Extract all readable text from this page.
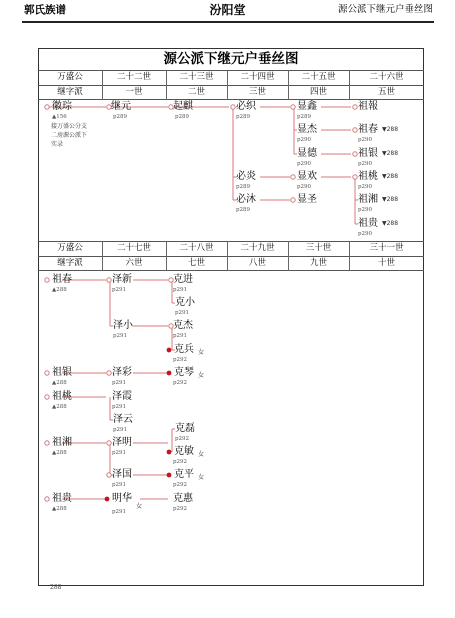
郭氏族谱	汾阳堂	源公派下继元户垂丝图
源公派下继元户垂丝图
万盛公	二十二世	二十三世	二十四世	二十五世	二十六世
继字派	一世	二世	三世	四世	五世
万盛公	二十七世	二十八世	二十九世	三十世	三十一世
继字派	六世	七世	八世	九世	十世
徽琮
▲156
接万盛公分支
二房源公派下
实录
继元
p289
起麒
p289
必织
p289
必炎
p289
必沐
p289
显鑫
p289
显杰
p290
显德
p290
显欢
p290
显圣
祖報
祖春 ▼288
p290
祖银 ▼288
p290
祖桃 ▼288
p290
祖湘 ▼288
p290
祖贵 ▼288
p290
祖春
▲288
祖银
▲288
祖桃
▲288
祖湘
▲288
祖贵
▲288
泽新
p291
泽小
p291
泽彩
p291
泽霞
p291
泽云
p291
泽明
p291
泽国
p291
明华
女
p291
克进
p291
克小
p291
克杰
p291
克兵 女
p292
克琴 女
p292
克磊
p292
克敏 女
p292
克平 女
p292
克惠
p292
288
